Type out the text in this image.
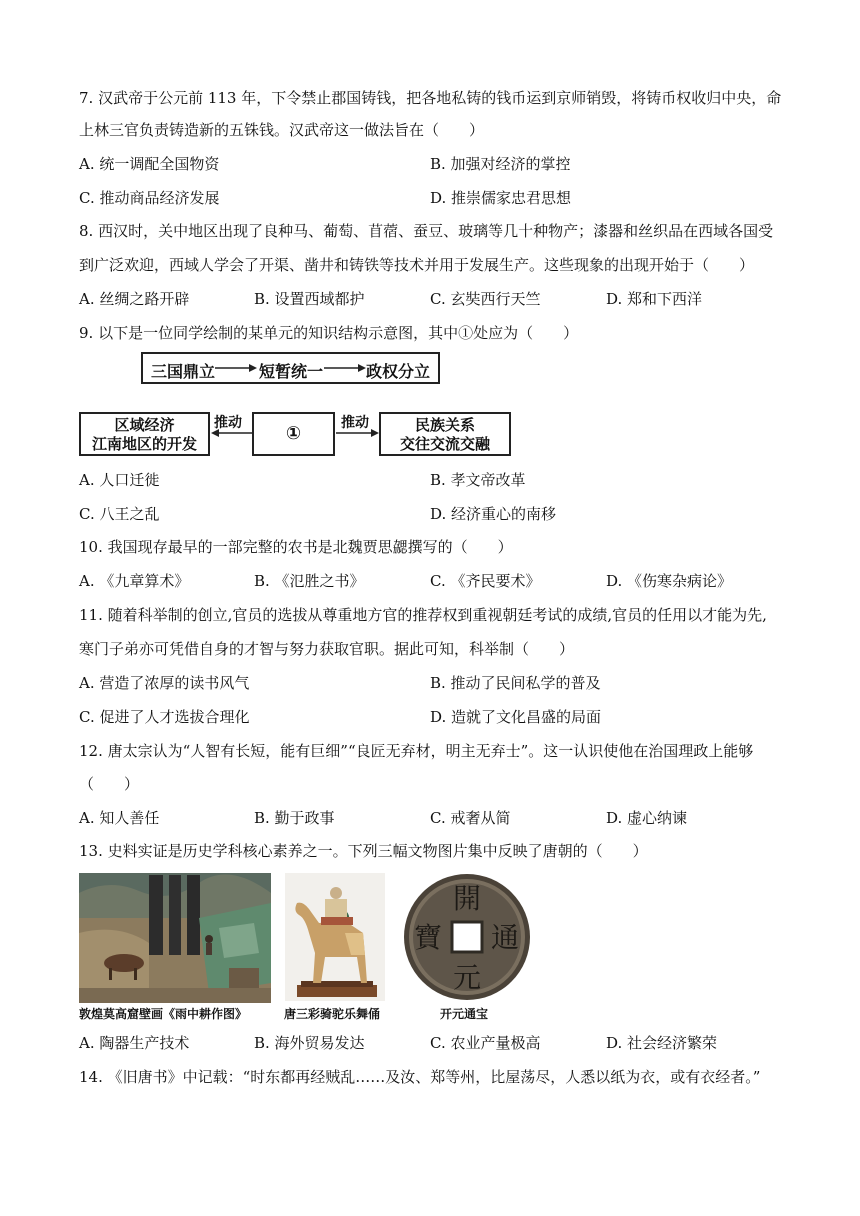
7. 汉武帝于公元前 113 年，下令禁止郡国铸钱，把各地私铸的钱币运到京师销毁，将铸币权收归中央，命
上林三官负责铸造新的五铢钱。汉武帝这一做法旨在（　　）
A. 统一调配全国物资	B. 加强对经济的掌控
C. 推动商品经济发展	D. 推崇儒家忠君思想
8. 西汉时，关中地区出现了良种马、葡萄、苜蓿、蚕豆、玻璃等几十种物产；漆器和丝织品在西域各国受
到广泛欢迎，西域人学会了开渠、凿井和铸铁等技术并用于发展生产。这些现象的出现开始于（　　）
A. 丝绸之路开辟	B. 设置西域都护	C. 玄奘西行天竺	D. 郑和下西洋
9. 以下是一位同学绘制的某单元的知识结构示意图，其中①处应为（　　）
三国鼎立	短暂统一	政权分立
区域经济
江南地区的开发	①	民族关系
交往交流交融
推动	推动
A. 人口迁徙	B. 孝文帝改革
C. 八王之乱	D. 经济重心的南移
10. 我国现存最早的一部完整的农书是北魏贾思勰撰写的（　　）
A. 《九章算术》	B. 《氾胜之书》	C. 《齐民要术》	D. 《伤寒杂病论》
11. 随着科举制的创立,官员的选拔从尊重地方官的推荐权到重视朝廷考试的成绩,官员的任用以才能为先,
寒门子弟亦可凭借自身的才智与努力获取官职。据此可知，科举制（　　）
A. 营造了浓厚的读书风气	B. 推动了民间私学的普及
C. 促进了人才选拔合理化	D. 造就了文化昌盛的局面
12. 唐太宗认为“人智有长短，能有巨细”“良匠无弃材，明主无弃士”。这一认识使他在治国理政上能够
（　　）
A. 知人善任	B. 勤于政事	C. 戒奢从简	D. 虚心纳谏
13. 史料实证是历史学科核心素养之一。下列三幅文物图片集中反映了唐朝的（　　）
敦煌莫高窟壁画《雨中耕作图》	唐三彩骑驼乐舞俑
開
通
元
寶
开元通宝
A. 陶器生产技术	B. 海外贸易发达	C. 农业产量极高	D. 社会经济繁荣
14. 《旧唐书》中记载：“时东都再经贼乱……及汝、郑等州，比屋荡尽，人悉以纸为衣，或有衣经者。”
